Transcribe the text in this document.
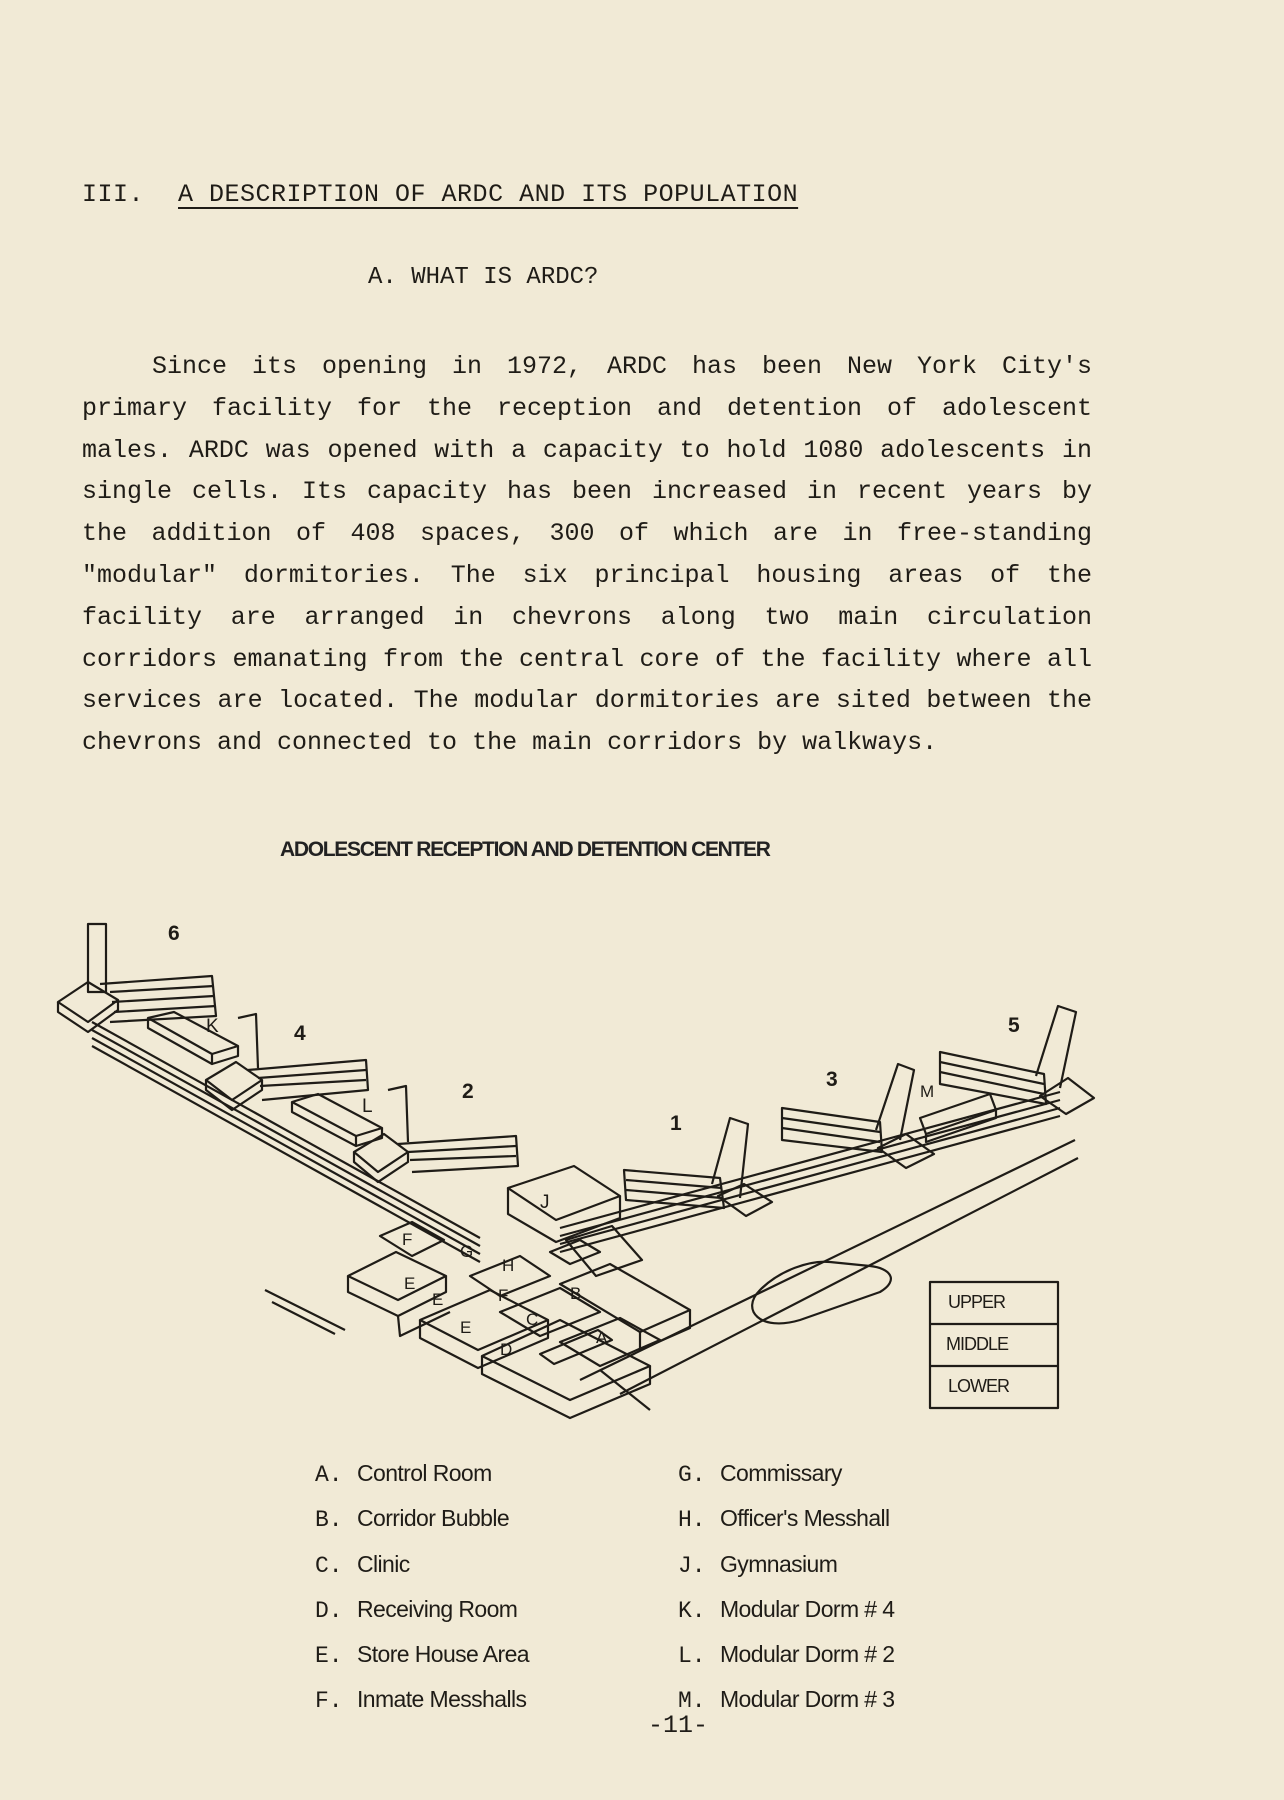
III. A DESCRIPTION OF ARDC AND ITS POPULATION
A. WHAT IS ARDC?
Since its opening in 1972, ARDC has been New York City's primary facility for the reception and detention of adolescent males. ARDC was opened with a capacity to hold 1080 adolescents in single cells. Its capacity has been increased in recent years by the addition of 408 spaces, 300 of which are in free-standing "modular" dormitories. The six principal housing areas of the facility are arranged in chevrons along two main circulation corridors emanating from the central core of the facility where all services are located. The modular dormitories are sited between the chevrons and connected to the main corridors by walkways.
ADOLESCENT RECEPTION AND DETENTION CENTER
6
4
2
1
3
5
K
L
M
J
F
G
H
E
E	F	B
C
E
D
A
UPPER
MIDDLE
LOWER
A. Control Room
B. Corridor Bubble
C. Clinic
D. Receiving Room
E. Store House Area
F. Inmate Messhalls
G. Commissary
H. Officer's Messhall
J. Gymnasium
K. Modular Dorm # 4
L. Modular Dorm # 2
M. Modular Dorm # 3
-11-
